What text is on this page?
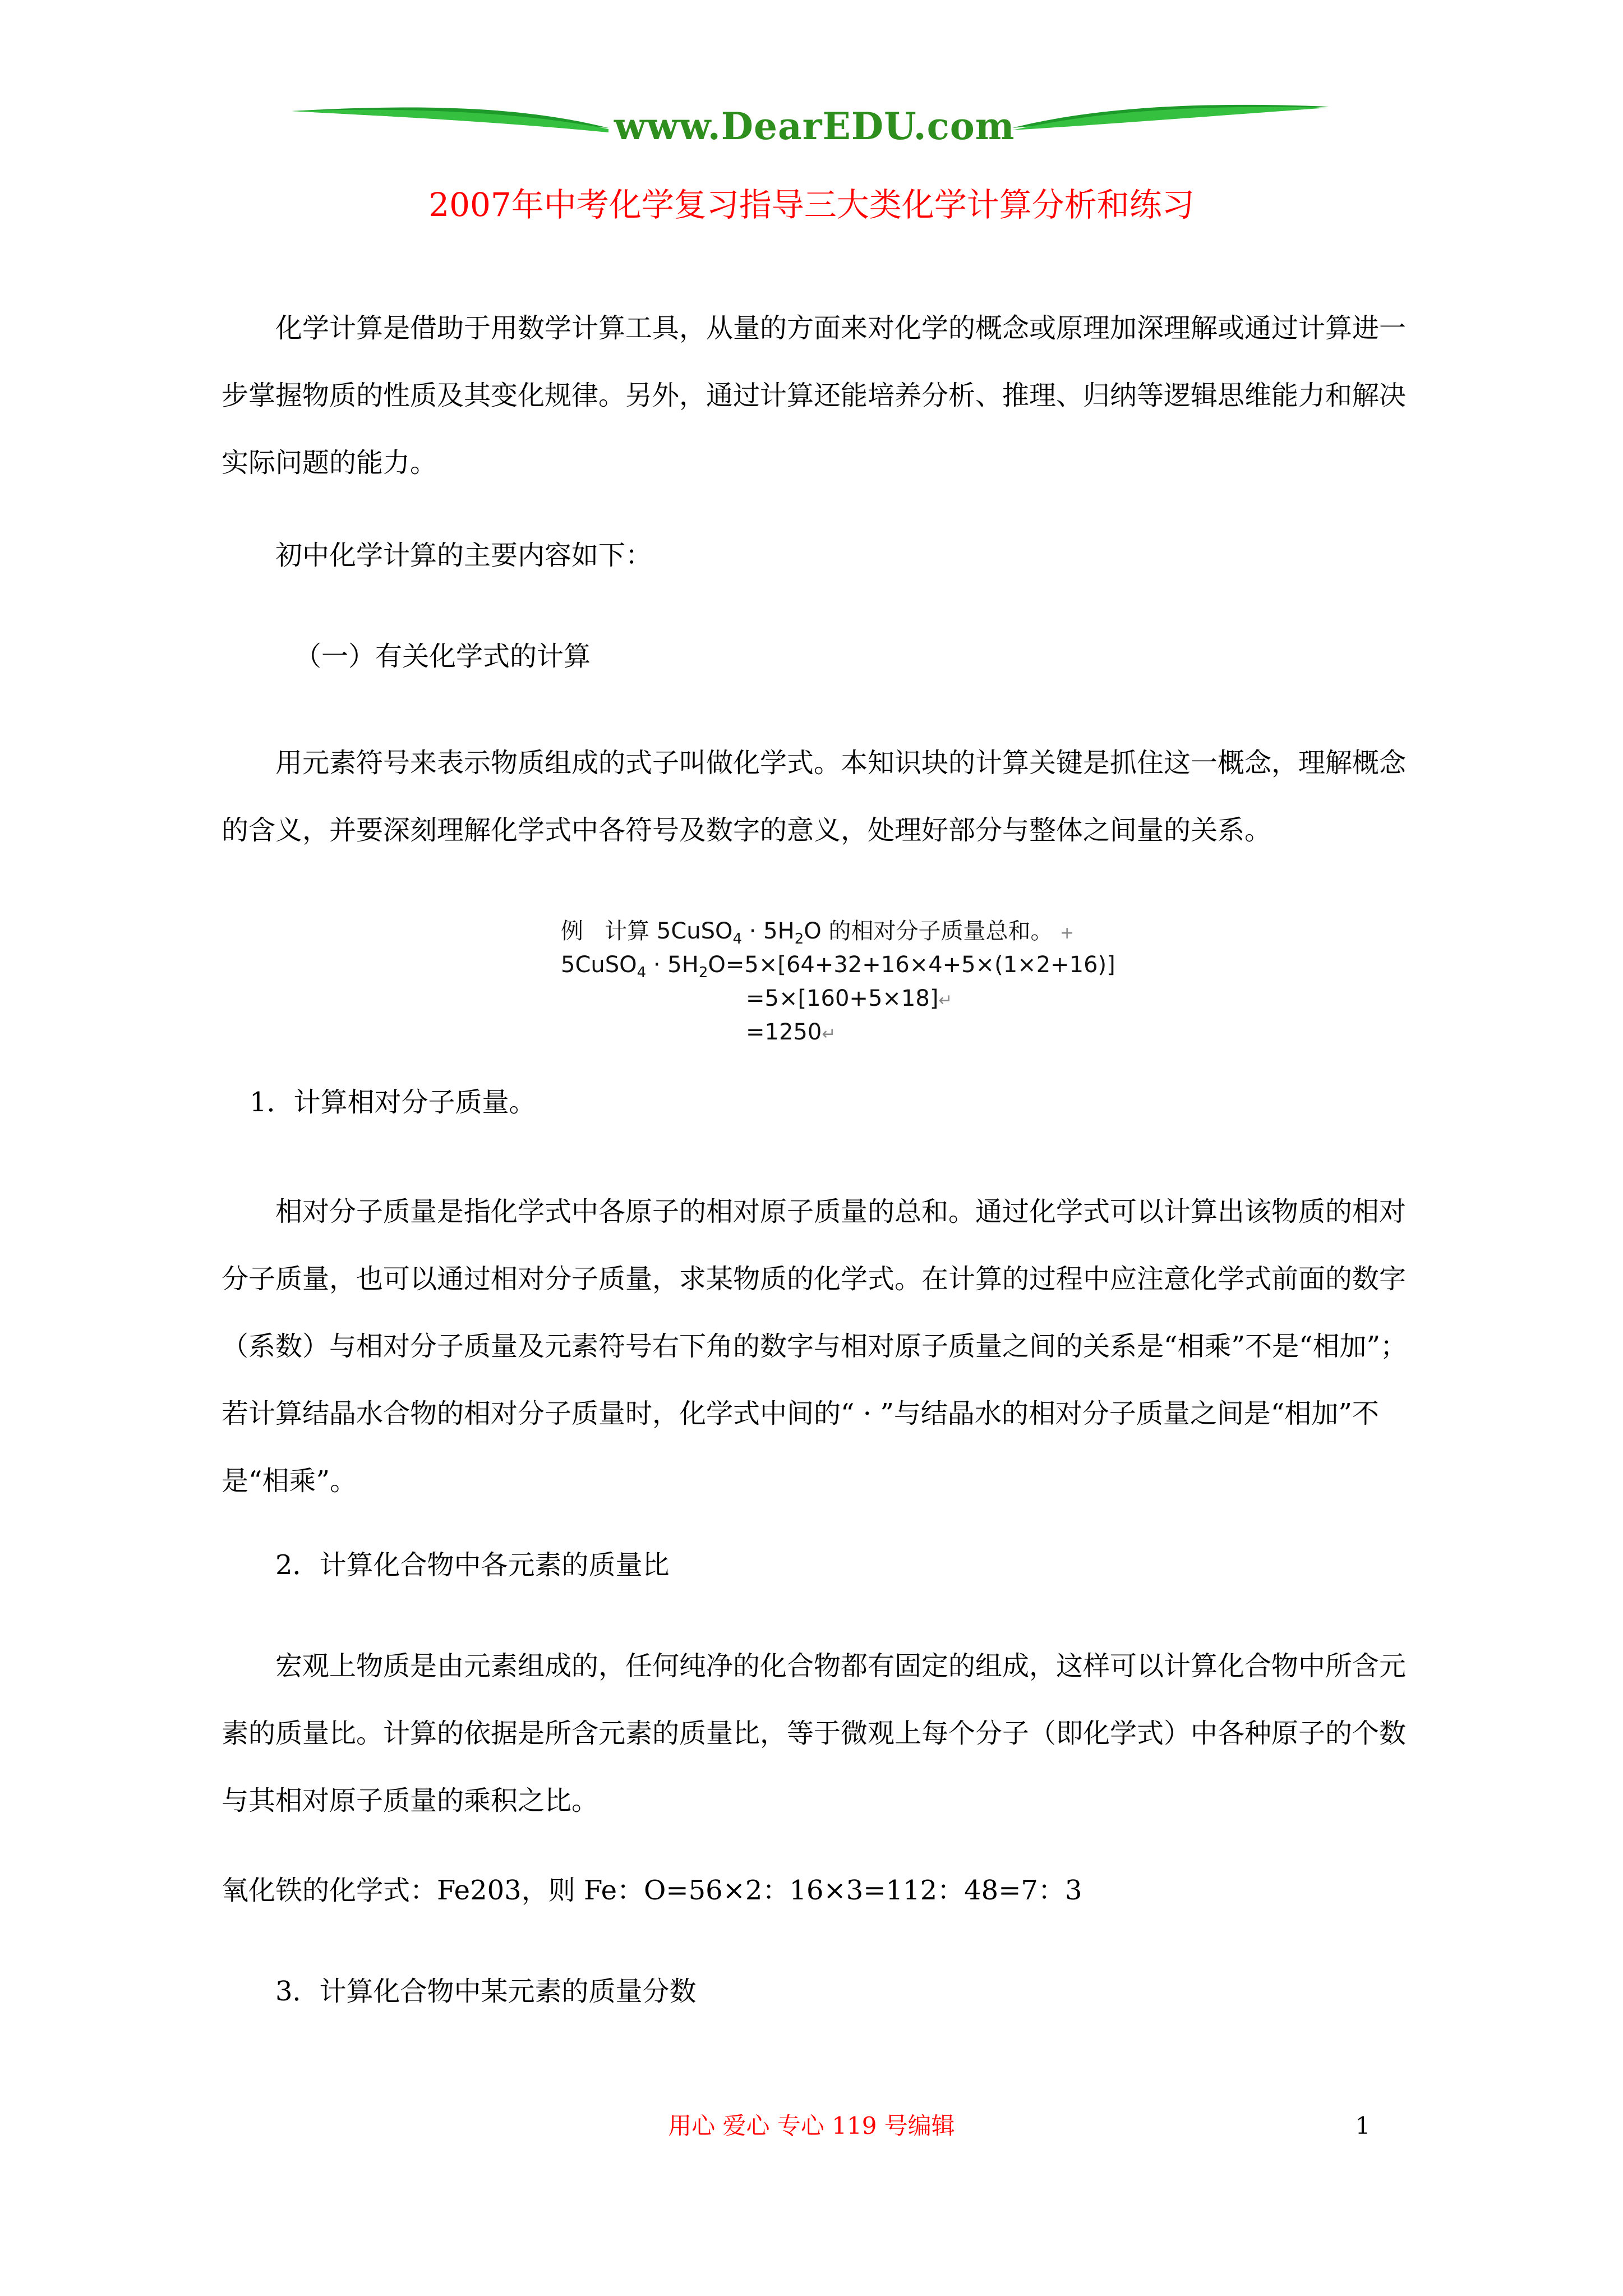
www.DearEDU.com
2007年中考化学复习指导三大类化学计算分析和练习

化学计算是借助于用数学计算工具，从量的方面来对化学的概念或原理加深理解或通过计算进一步掌握物质的性质及其变化规律。另外，通过计算还能培养分析、推理、归纳等逻辑思维能力和解决实际问题的能力。

初中化学计算的主要内容如下：

（一）有关化学式的计算

用元素符号来表示物质组成的式子叫做化学式。本知识块的计算关键是抓住这一概念，理解概念的含义，并要深刻理解化学式中各符号及数字的意义，处理好部分与整体之间量的关系。

例 计算 5CuSO$_4$ · $5H_2O$ 的相对分子质量总和。 +
5CuSO$_4$ · $5H_2O=5\times[64+32+16\times 4+5\times(1\times 2+16)]$
=5×[160+5×18]↵
=1250↵

1．计算相对分子质量。

相对分子质量是指化学式中各原子的相对原子质量的总和。通过化学式可以计算出该物质的相对分子质量，也可以通过相对分子质量，求某物质的化学式。在计算的过程中应注意化学式前面的数字（系数）与相对分子质量及元素符号右下角的数字与相对原子质量之间的关系是“相乘”不是“相加”；若计算结晶水合物的相对分子质量时，化学式中间的“ · ”与结晶水的相对分子质量之间是“相加”不是“相乘”。

2．计算化合物中各元素的质量比

宏观上物质是由元素组成的，任何纯净的化合物都有固定的组成，这样可以计算化合物中所含元素的质量比。计算的依据是所含元素的质量比，等于微观上每个分子（即化学式）中各种原子的个数与其相对原子质量的乘积之比。

氧化铁的化学式：Fe203，则 Fe：O=56×2：16×3=112：48=7：3

3．计算化合物中某元素的质量分数

用心 爱心 专心 119 号编辑	1
